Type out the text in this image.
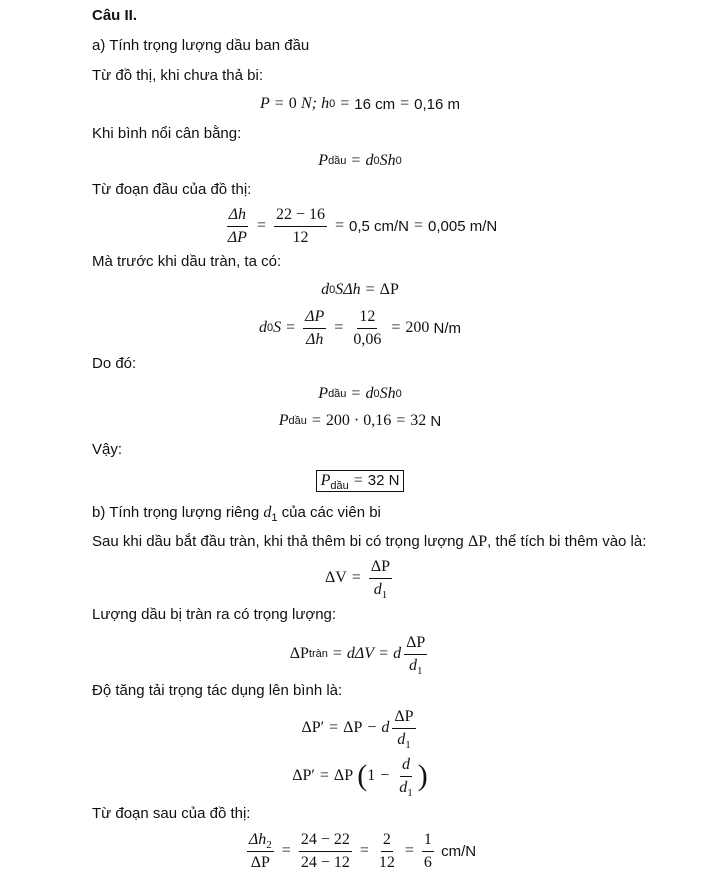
Câu II.
a) Tính trọng lượng dầu ban đầu
Từ đồ thị, khi chưa thả bi:
P = 0
N;
h 0 = 16 cm = 0,16 m
Khi bình nổi cân bằng:
P dầu = d 0 S h 0
Từ đoạn đầu của đồ thị:
$\frac{\Delta h}{\Delta P} = \frac{22 - 16}{12} = 0,5$ cm/N = 0,005 m/N
Mà trước khi dầu tràn, ta có:
d 0 SΔh = ΔP
d 0 $S = \frac{\Delta P}{\Delta h} = \frac{12}{0,06} = 200$
N/m
Do đó:
P dầu = d 0 S h 0
P dầu = 200 · 0,16 = 32
N
Vậy:
$P_{dầu} = 32$ N
b) Tính trọng lượng riêng $d_1$ của các viên bi
Sau khi dầu bắt đầu tràn, khi thả thêm bi có trọng lượng ΔP, thể tích bi thêm vào là:
$\Delta V = \frac{\Delta P}{d_1}$
Lượng dầu bị tràn ra có trọng lượng:
ΔP tràn = dΔV = d $\frac{\Delta P}{d_1}$
Độ tăng tải trọng tác dụng lên bình là:
ΔP′ = ΔP − d $\frac{\Delta P}{d_1}$
ΔP′ = ΔP
( $1 - \frac{d}{d_1}$ )
Từ đoạn sau của đồ thị:
$\frac{\Delta h_2}{\Delta P} = \frac{24 - 22}{24 - 12} = \frac{2}{12} = \frac{1}{6}$
cm/N
